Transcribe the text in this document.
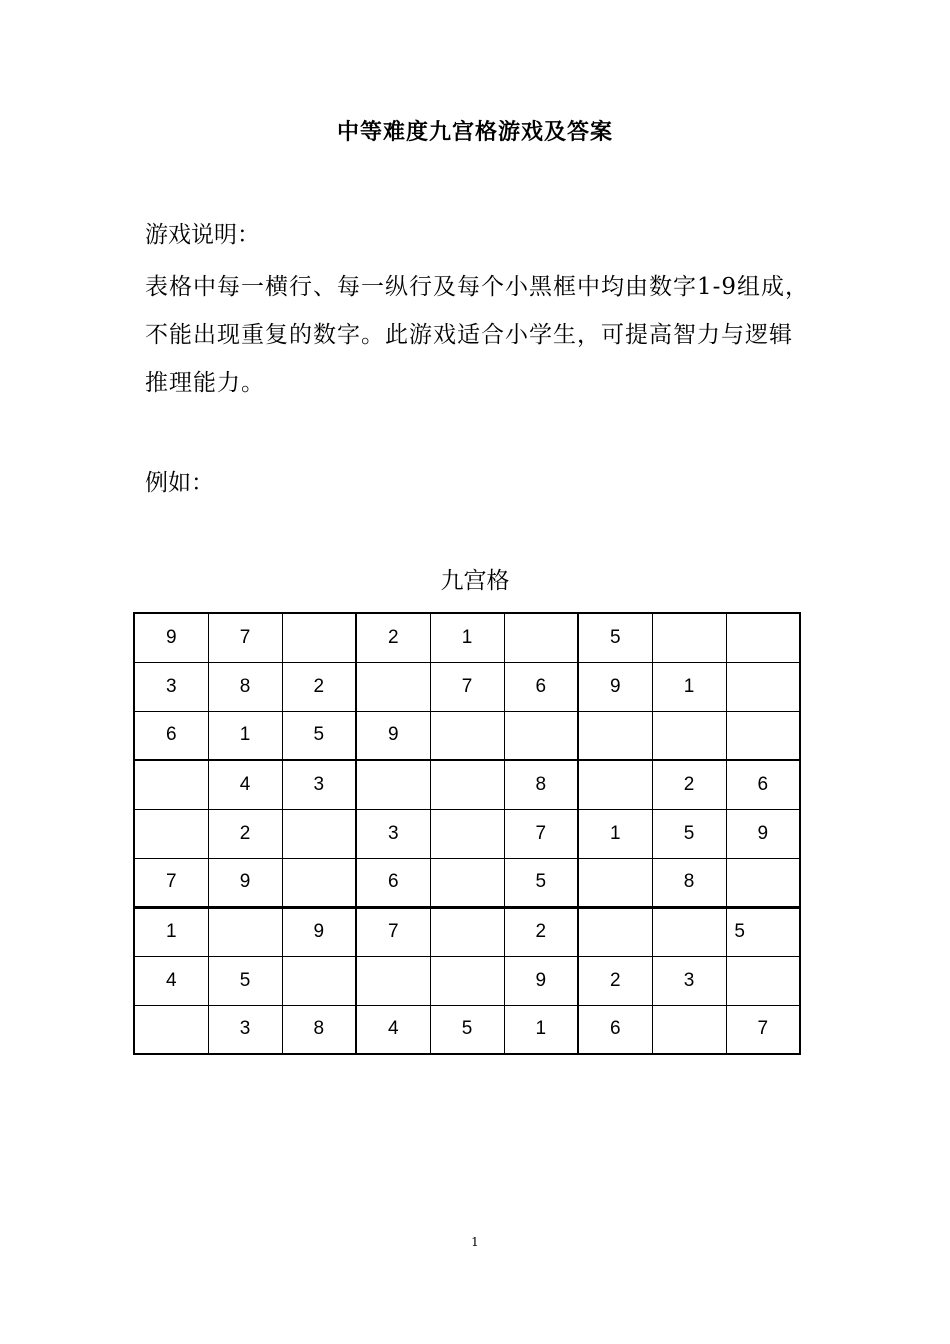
中等难度九宫格游戏及答案
游戏说明：
表格中每一横行、每一纵行及每个小黑框中均由数字1-9组成，不能出现重复的数字。此游戏适合小学生，可提高智力与逻辑推理能力。
例如：
九宫格
9	7		2	1		5		
3	8	2		7	6	9	1	
6	1	5	9					
	4	3			8		2	6
	2		3		7	1	5	9
7	9		6		5		8	
1		9	7		2			5
4	5				9	2	3	
	3	8	4	5	1	6		7
1
